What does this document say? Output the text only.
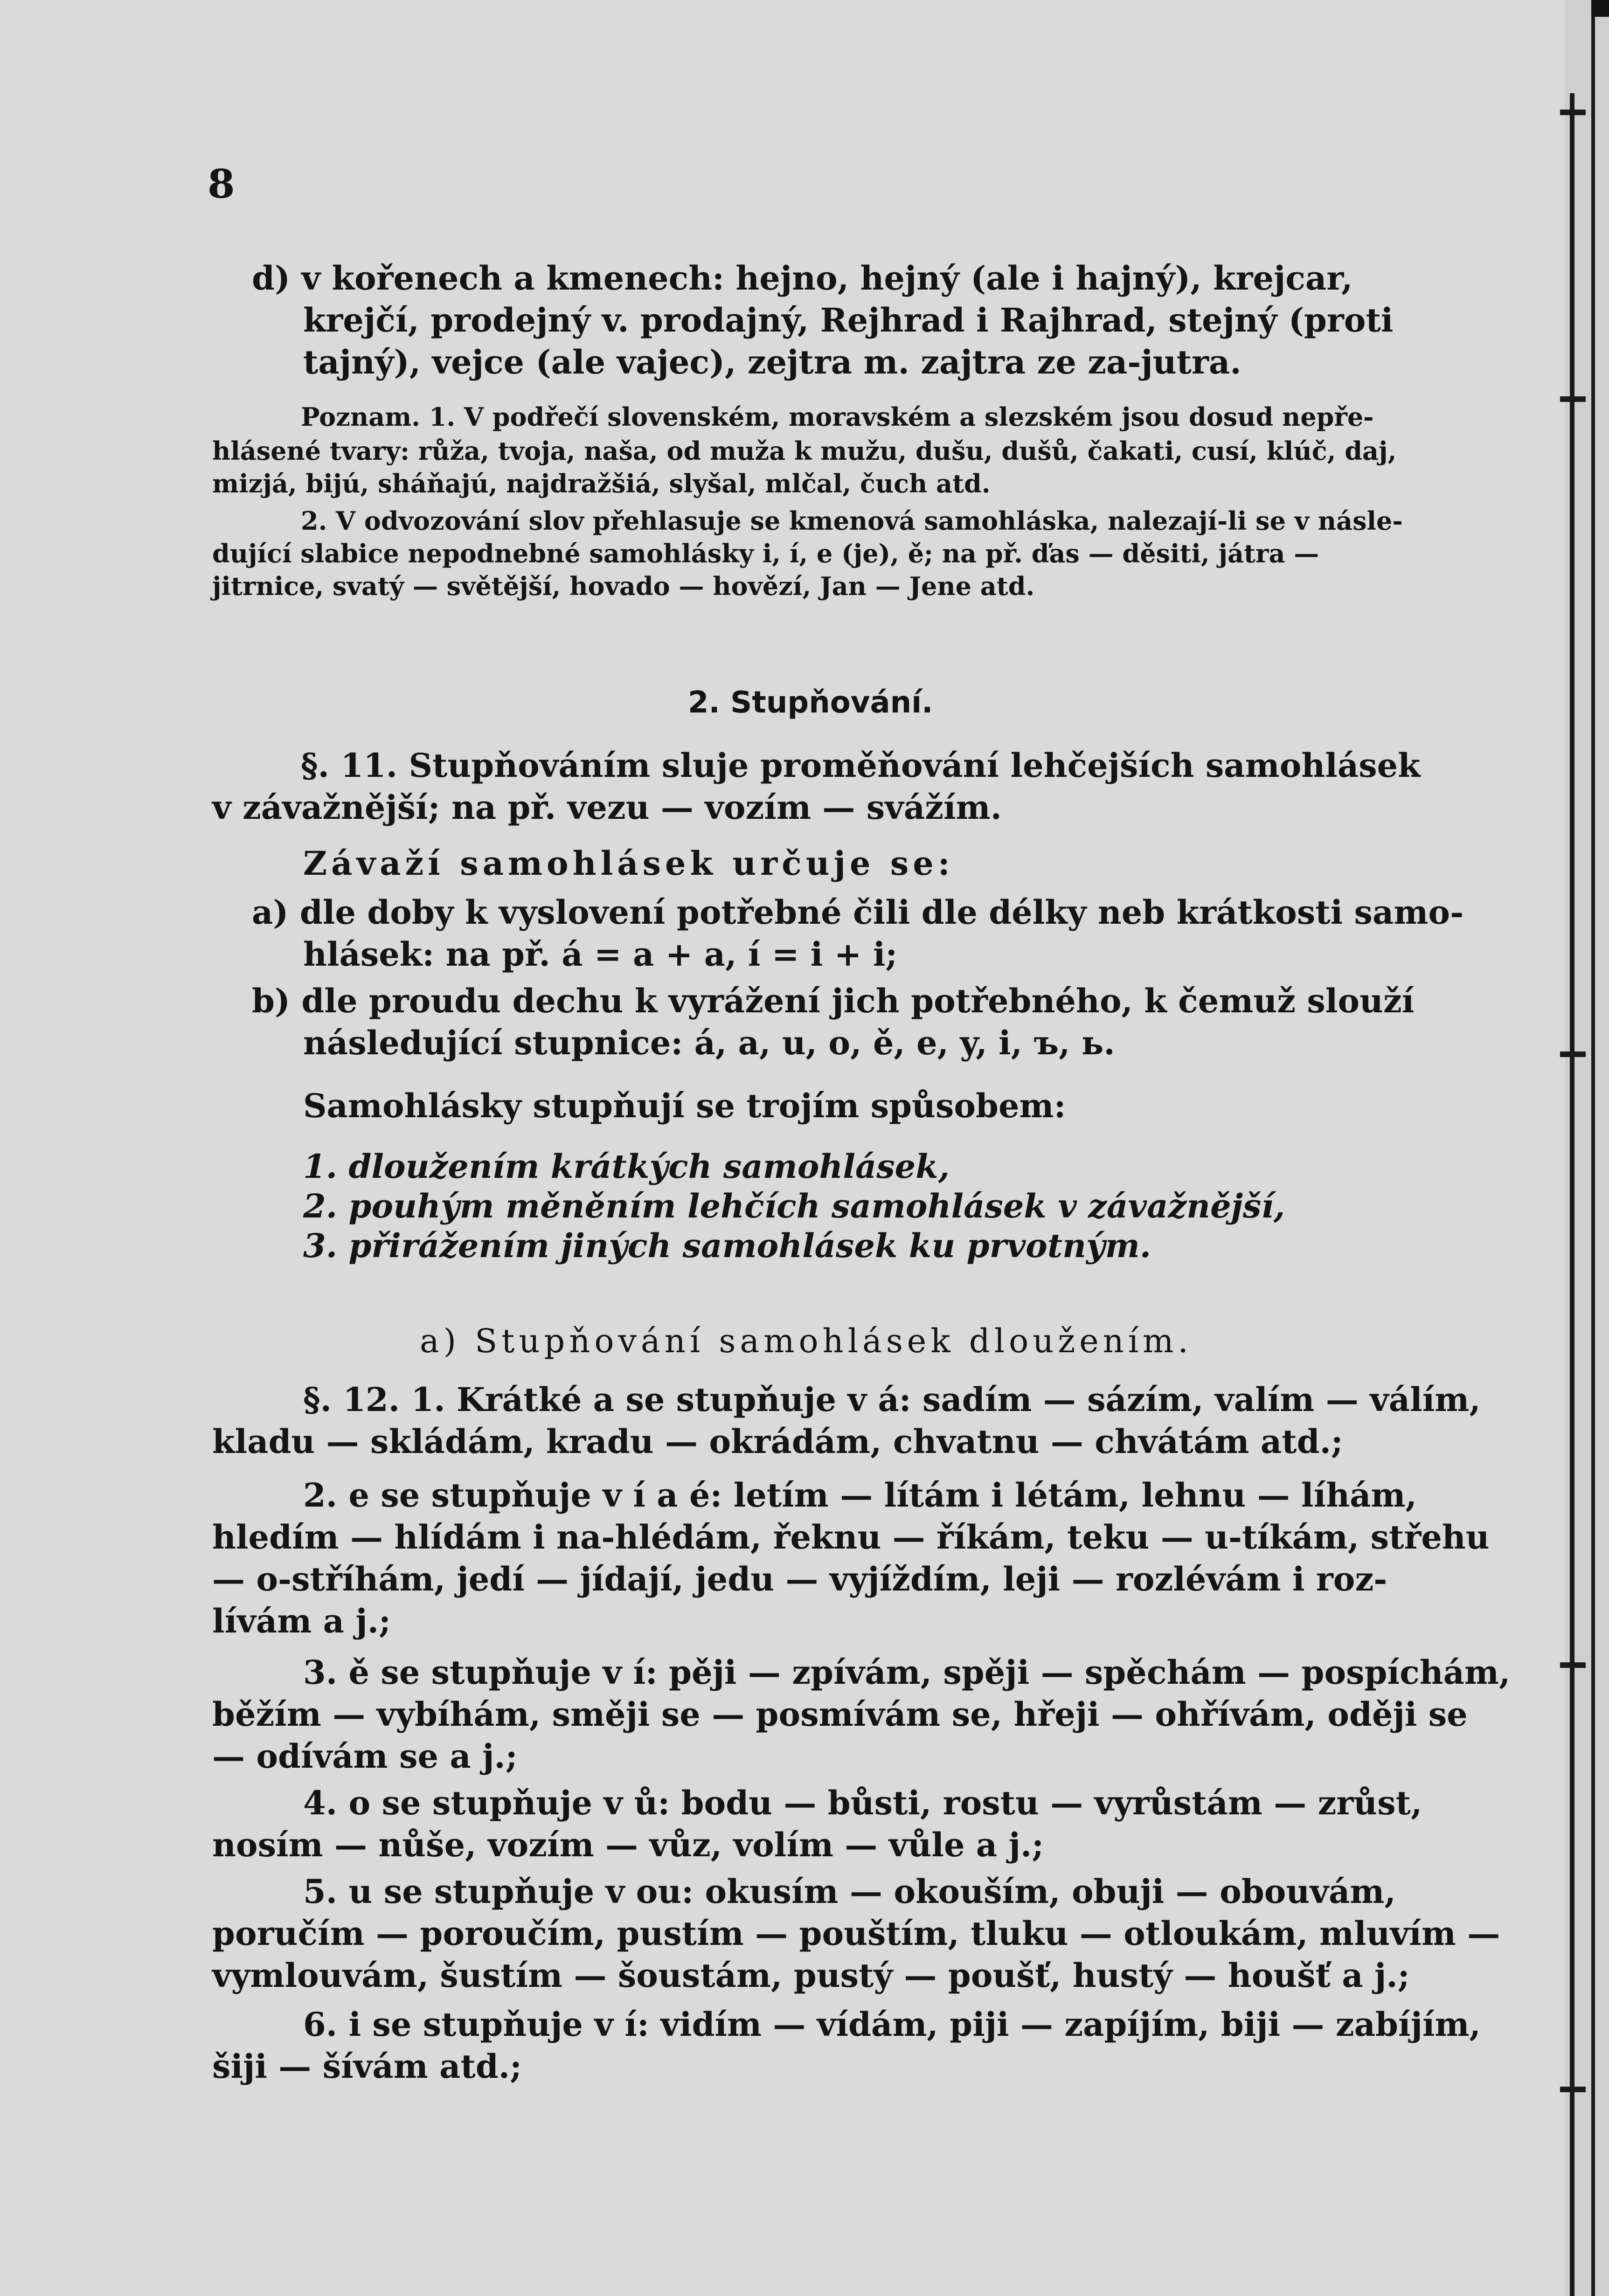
8
d) v kořenech a kmenech: hejno, hejný (ale i hajný), krejcar,
krejčí, prodejný v. prodajný, Rejhrad i Rajhrad, stejný (proti
tajný), vejce (ale vajec), zejtra m. zajtra ze za-jutra.
Poznam. 1. V podřečí slovenském, moravském a slezském jsou dosud nepře-
hlásené tvary: růža, tvoja, naša, od muža k mužu, dušu, dušů, čakati, cusí, klúč, daj,
mizjá, bijú, sháňajú, najdražšiá, slyšal, mlčal, čuch atd.
2. V odvozování slov přehlasuje se kmenová samohláska, nalezají-li se v násle-
dující slabice nepodnebné samohlásky i, í, e (je), ě; na př. ďas — děsiti, játra —
jitrnice, svatý — světější, hovado — hovězí, Jan — Jene atd.
2. Stupňování.
§. 11. Stupňováním sluje proměňování lehčejších samohlásek
v závažnější; na př. vezu — vozím — svážím.
Závaží samohlásek určuje se:
a) dle doby k vyslovení potřebné čili dle délky neb krátkosti samo-
hlásek: na př. á = a + a, í = i + i;
b) dle proudu dechu k vyrážení jich potřebného, k čemuž slouží
následující stupnice: á, a, u, o, ě, e, y, i, ъ, ь.
Samohlásky stupňují se trojím spůsobem:
1. dloužením krátkých samohlásek,
2. pouhým měněním lehčích samohlásek v závažnější,
3. přirážením jiných samohlásek ku prvotným.
a) Stupňování samohlásek dloužením.
§. 12. 1. Krátké a se stupňuje v á: sadím — sázím, valím — válím,
kladu — skládám, kradu — okrádám, chvatnu — chvátám atd.;
2. e se stupňuje v í a é: letím — lítám i létám, lehnu — líhám,
hledím — hlídám i na-hlédám, řeknu — říkám, teku — u-tíkám, střehu
— o-stříhám, jedí — jídají, jedu — vyjíždím, leji — rozlévám i roz-
lívám a j.;
3. ě se stupňuje v í: pěji — zpívám, spěji — spěchám — pospíchám,
běžím — vybíhám, směji se — posmívám se, hřeji — ohřívám, oději se
— odívám se a j.;
4. o se stupňuje v ů: bodu — bůsti, rostu — vyrůstám — zrůst,
nosím — nůše, vozím — vůz, volím — vůle a j.;
5. u se stupňuje v ou: okusím — okouším, obuji — obouvám,
poručím — poroučím, pustím — pouštím, tluku — otloukám, mluvím —
vymlouvám, šustím — šoustám, pustý — poušť, hustý — houšť a j.;
6. i se stupňuje v í: vidím — vídám, piji — zapíjím, biji — zabíjím,
šiji — šívám atd.;
